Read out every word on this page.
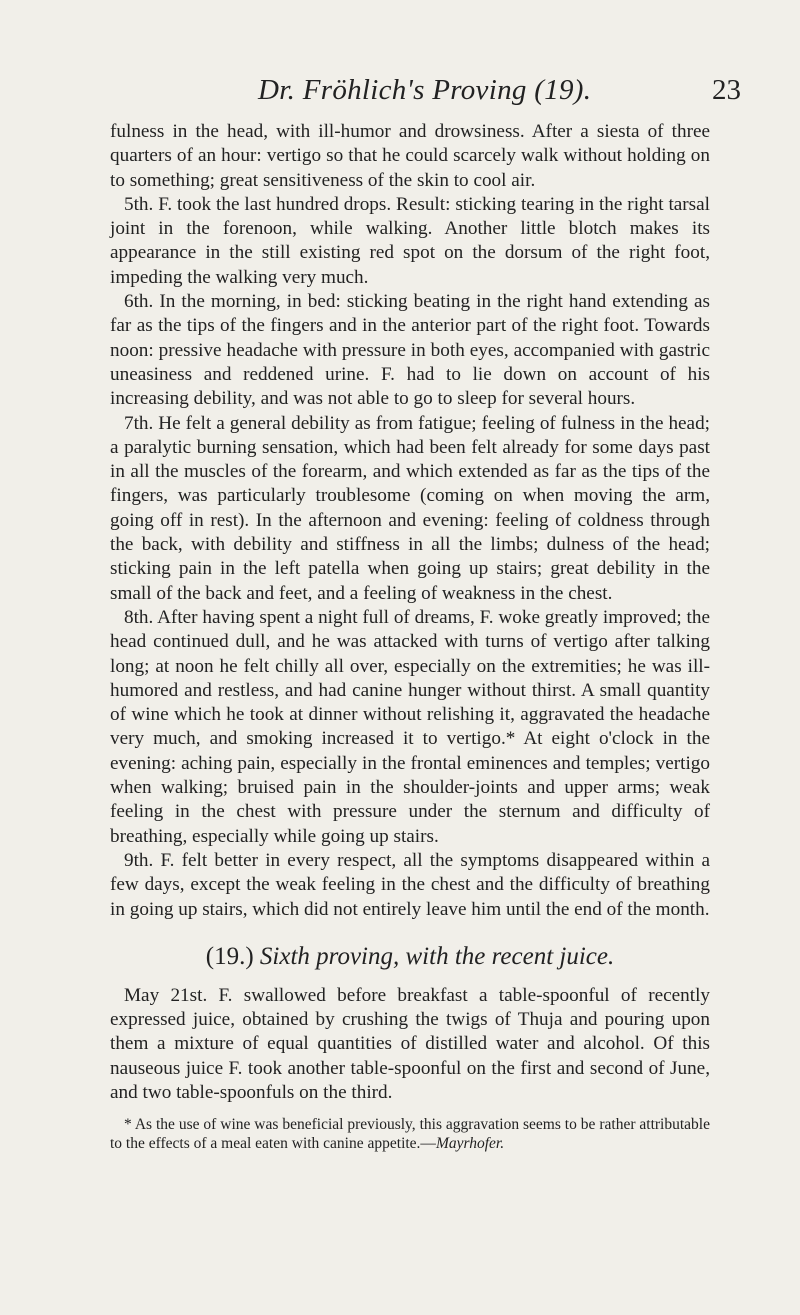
Dr. Fröhlich's Proving (19).	23

fulness in the head, with ill-humor and drowsiness. After a siesta of three quarters of an hour: vertigo so that he could scarcely walk without holding on to something; great sensitiveness of the skin to cool air.

5th. F. took the last hundred drops. Result: sticking tearing in the right tarsal joint in the forenoon, while walking. Another little blotch makes its appearance in the still existing red spot on the dorsum of the right foot, impeding the walking very much.

6th. In the morning, in bed: sticking beating in the right hand extending as far as the tips of the fingers and in the anterior part of the right foot. Towards noon: pressive headache with pressure in both eyes, accompanied with gastric uneasiness and reddened urine. F. had to lie down on account of his increasing debility, and was not able to go to sleep for several hours.

7th. He felt a general debility as from fatigue; feeling of fulness in the head; a paralytic burning sensation, which had been felt already for some days past in all the muscles of the forearm, and which extended as far as the tips of the fingers, was particularly troublesome (coming on when moving the arm, going off in rest). In the afternoon and evening: feeling of coldness through the back, with debility and stiffness in all the limbs; dulness of the head; sticking pain in the left patella when going up stairs; great debility in the small of the back and feet, and a feeling of weakness in the chest.

8th. After having spent a night full of dreams, F. woke greatly improved; the head continued dull, and he was attacked with turns of vertigo after talking long; at noon he felt chilly all over, especially on the extremities; he was ill-humored and restless, and had canine hunger without thirst. A small quantity of wine which he took at dinner without relishing it, aggravated the headache very much, and smoking increased it to vertigo.* At eight o'clock in the evening: aching pain, especially in the frontal eminences and temples; vertigo when walking; bruised pain in the shoulder-joints and upper arms; weak feeling in the chest with pressure under the sternum and difficulty of breathing, especially while going up stairs.

9th. F. felt better in every respect, all the symptoms disappeared within a few days, except the weak feeling in the chest and the difficulty of breathing in going up stairs, which did not entirely leave him until the end of the month.

(19.) Sixth proving, with the recent juice.

May 21st. F. swallowed before breakfast a table-spoonful of recently expressed juice, obtained by crushing the twigs of Thuja and pouring upon them a mixture of equal quantities of distilled water and alcohol. Of this nauseous juice F. took another table-spoonful on the first and second of June, and two table-spoonfuls on the third.

* As the use of wine was beneficial previously, this aggravation seems to be rather attributable to the effects of a meal eaten with canine appetite.—Mayrhofer.
